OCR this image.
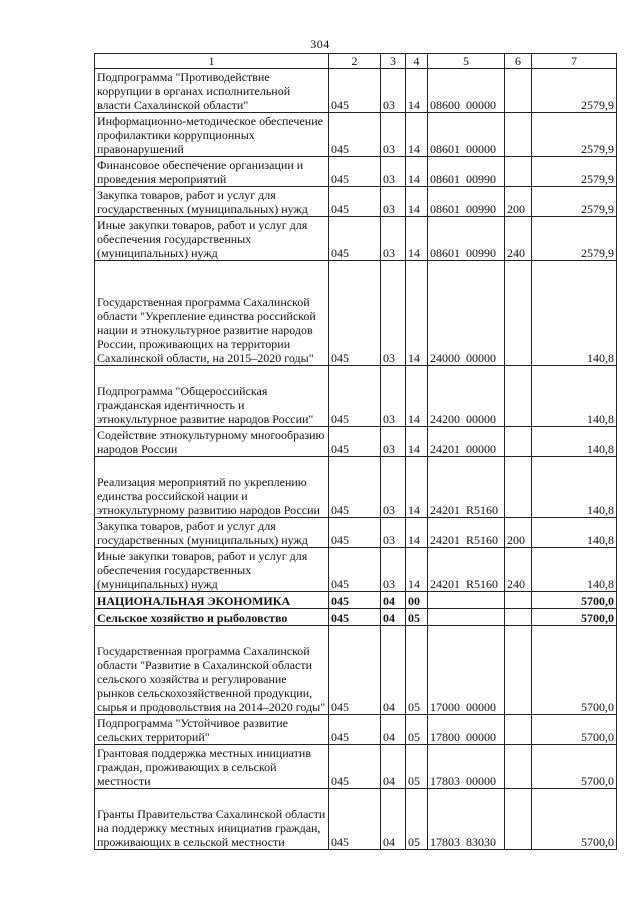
304
1	2	3	4	5	6	7
Подпрограмма "Противодействие коррупции в органах исполнительной власти Сахалинской области"	045	03	14	08600  00000		2579,9
Информационно-методическое обеспечение профилактики коррупционных правонарушений	045	03	14	08601  00000		2579,9
Финансовое обеспечение организации и проведения мероприятий	045	03	14	08601  00990		2579,9
Закупка товаров, работ и услуг для государственных (муниципальных) нужд	045	03	14	08601  00990	200	2579,9
Иные закупки товаров, работ и услуг для обеспечения государственных (муниципальных) нужд	045	03	14	08601  00990	240	2579,9
Государственная программа Сахалинской области "Укрепление единства российской нации и этнокультурное развитие народов России, проживающих на территории Сахалинской области, на 2015–2020 годы"	045	03	14	24000  00000		140,8
Подпрограмма "Общероссийская гражданская идентичность и этнокультурное развитие народов России"	045	03	14	24200  00000		140,8
Содействие этнокультурному многообразию народов России	045	03	14	24201  00000		140,8
Реализация мероприятий по укреплению единства российской нации и этнокультурному развитию народов России	045	03	14	24201  R5160		140,8
Закупка товаров, работ и услуг для государственных (муниципальных) нужд	045	03	14	24201  R5160	200	140,8
Иные закупки товаров, работ и услуг для обеспечения государственных (муниципальных) нужд	045	03	14	24201  R5160	240	140,8
НАЦИОНАЛЬНАЯ ЭКОНОМИКА	045	04	00			5700,0
Сельское хозяйство и рыболовство	045	04	05			5700,0
Государственная программа Сахалинской области "Развитие в Сахалинской области сельского хозяйства и регулирование рынков сельскохозяйственной продукции, сырья и продовольствия на 2014–2020 годы"	045	04	05	17000  00000		5700,0
Подпрограмма "Устойчивое развитие сельских территорий"	045	04	05	17800  00000		5700,0
Грантовая поддержка местных инициатив граждан, проживающих в сельской местности	045	04	05	17803  00000		5700,0
Гранты Правительства Сахалинской области на поддержку местных инициатив граждан, проживающих в сельской местности	045	04	05	17803  83030		5700,0
